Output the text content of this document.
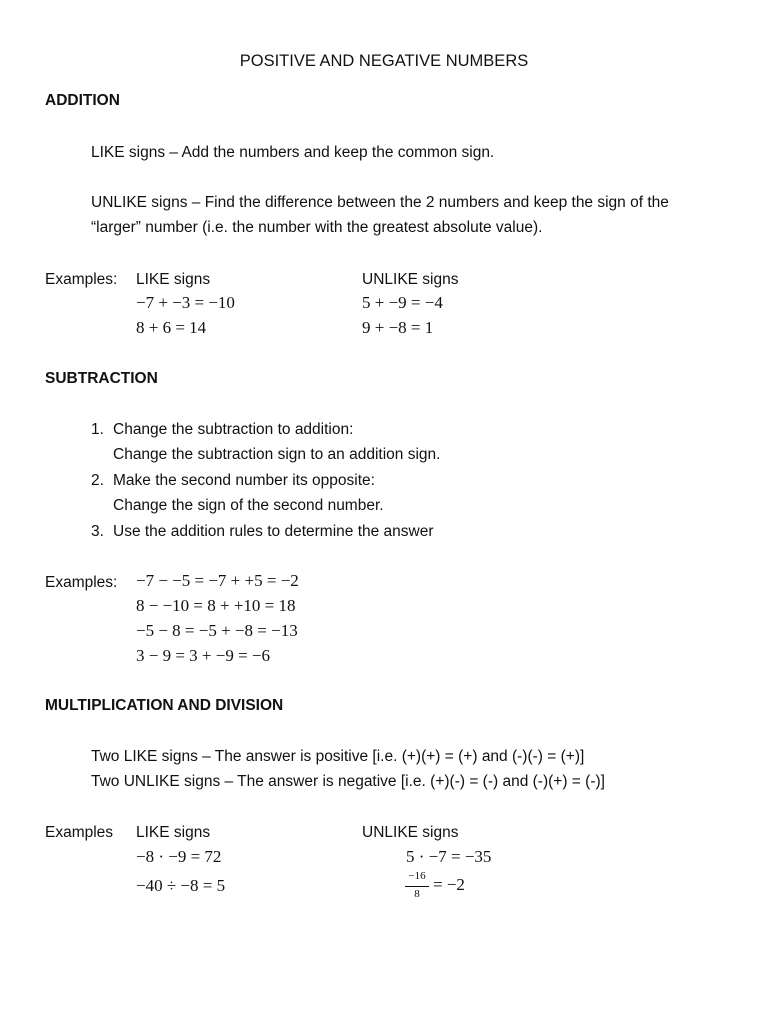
POSITIVE AND NEGATIVE NUMBERS
ADDITION
LIKE signs – Add the numbers and keep the common sign.
UNLIKE signs – Find the difference between the 2 numbers and keep the sign of the
“larger” number (i.e. the number with the greatest absolute value).
Examples: LIKE signs	UNLIKE signs
−7 + −3 = −10
8 + 6 = 14
5 + −9 = −4
9 + −8 = 1
SUBTRACTION
1. Change the subtraction to addition:
Change the subtraction sign to an addition sign.
2. Make the second number its opposite:
Change the sign of the second number.
3. Use the addition rules to determine the answer
Examples: −7 − −5 = −7 + +5 = −2
8 − −10 = 8 + +10 = 18
−5 − 8 = −5 + −8 = −13
3 − 9 = 3 + −9 = −6
MULTIPLICATION AND DIVISION
Two LIKE signs – The answer is positive [i.e. (+)(+) = (+) and (-)(-) = (+)]
Two UNLIKE signs – The answer is negative [i.e. (+)(-) = (-) and (-)(+) = (-)]
Examples LIKE signs	UNLIKE signs
−8 · −9 = 72
−40 ÷ −8 = 5
5 · −7 = −35
−16
8 = −2
